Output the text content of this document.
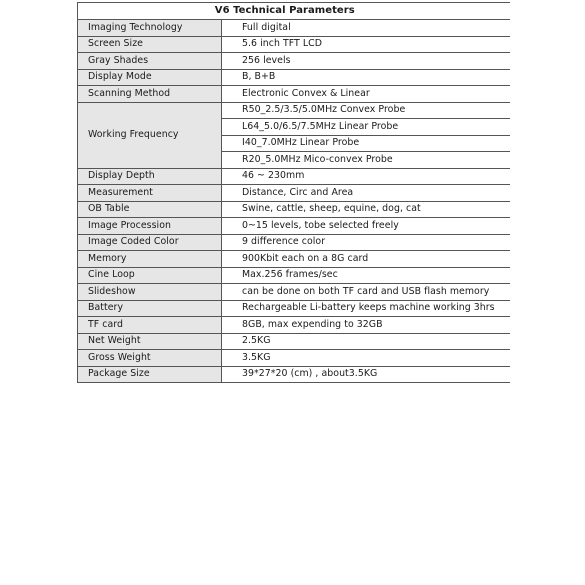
V6 Technical Parameters	
Imaging Technology	Full digital
Screen Size	5.6 inch TFT LCD
Gray Shades	256 levels
Display Mode	B, B+B
Scanning Method	Electronic Convex & Linear
Working Frequency	R50_2.5/3.5/5.0MHz Convex Probe
	L64_5.0/6.5/7.5MHz Linear Probe
	I40_7.0MHz Linear Probe
	R20_5.0MHz Mico-convex Probe
Display Depth	46 ~ 230mm
Measurement	Distance, Circ and Area
OB Table	Swine, cattle, sheep, equine, dog, cat
Image Procession	0~15 levels, tobe selected freely
Image Coded Color	9 difference color
Memory	900Kbit each on a 8G card
Cine Loop	Max.256 frames/sec
Slideshow	can be done on both TF card and USB flash memory
Battery	Rechargeable Li-battery keeps machine working 3hrs
TF card	8GB, max expending to 32GB
Net Weight	2.5KG
Gross Weight	3.5KG
Package Size	39*27*20 (cm) , about3.5KG
